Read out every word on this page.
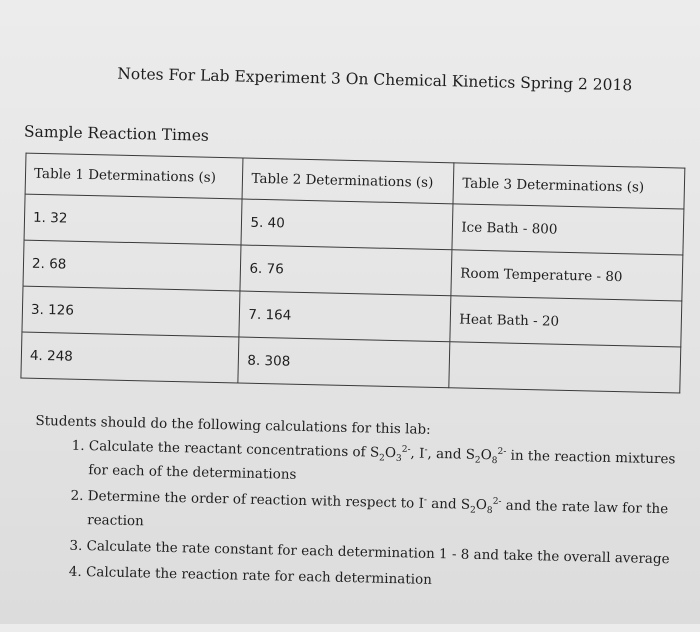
Notes For Lab Experiment 3 On Chemical Kinetics Spring 2 2018
Sample Reaction Times
Table 1 Determinations (s)	Table 2 Determinations (s)	Table 3 Determinations (s)
1. 32	5. 40	Ice Bath - 800
2. 68	6. 76	Room Temperature - 80
3. 126	7. 164	Heat Bath - 20
4. 248	8. 308	
Students should do the following calculations for this lab:
1. Calculate the reactant concentrations of $S_2O_3^{2-}$, I-, and $S_2O_8^{2-}$ in the reaction mixtures for each of the determinations
2. Determine the order of reaction with respect to I- and $S_2O_8^{2-}$ and the rate law for the reaction
3. Calculate the rate constant for each determination 1 - 8 and take the overall average
4. Calculate the reaction rate for each determination
